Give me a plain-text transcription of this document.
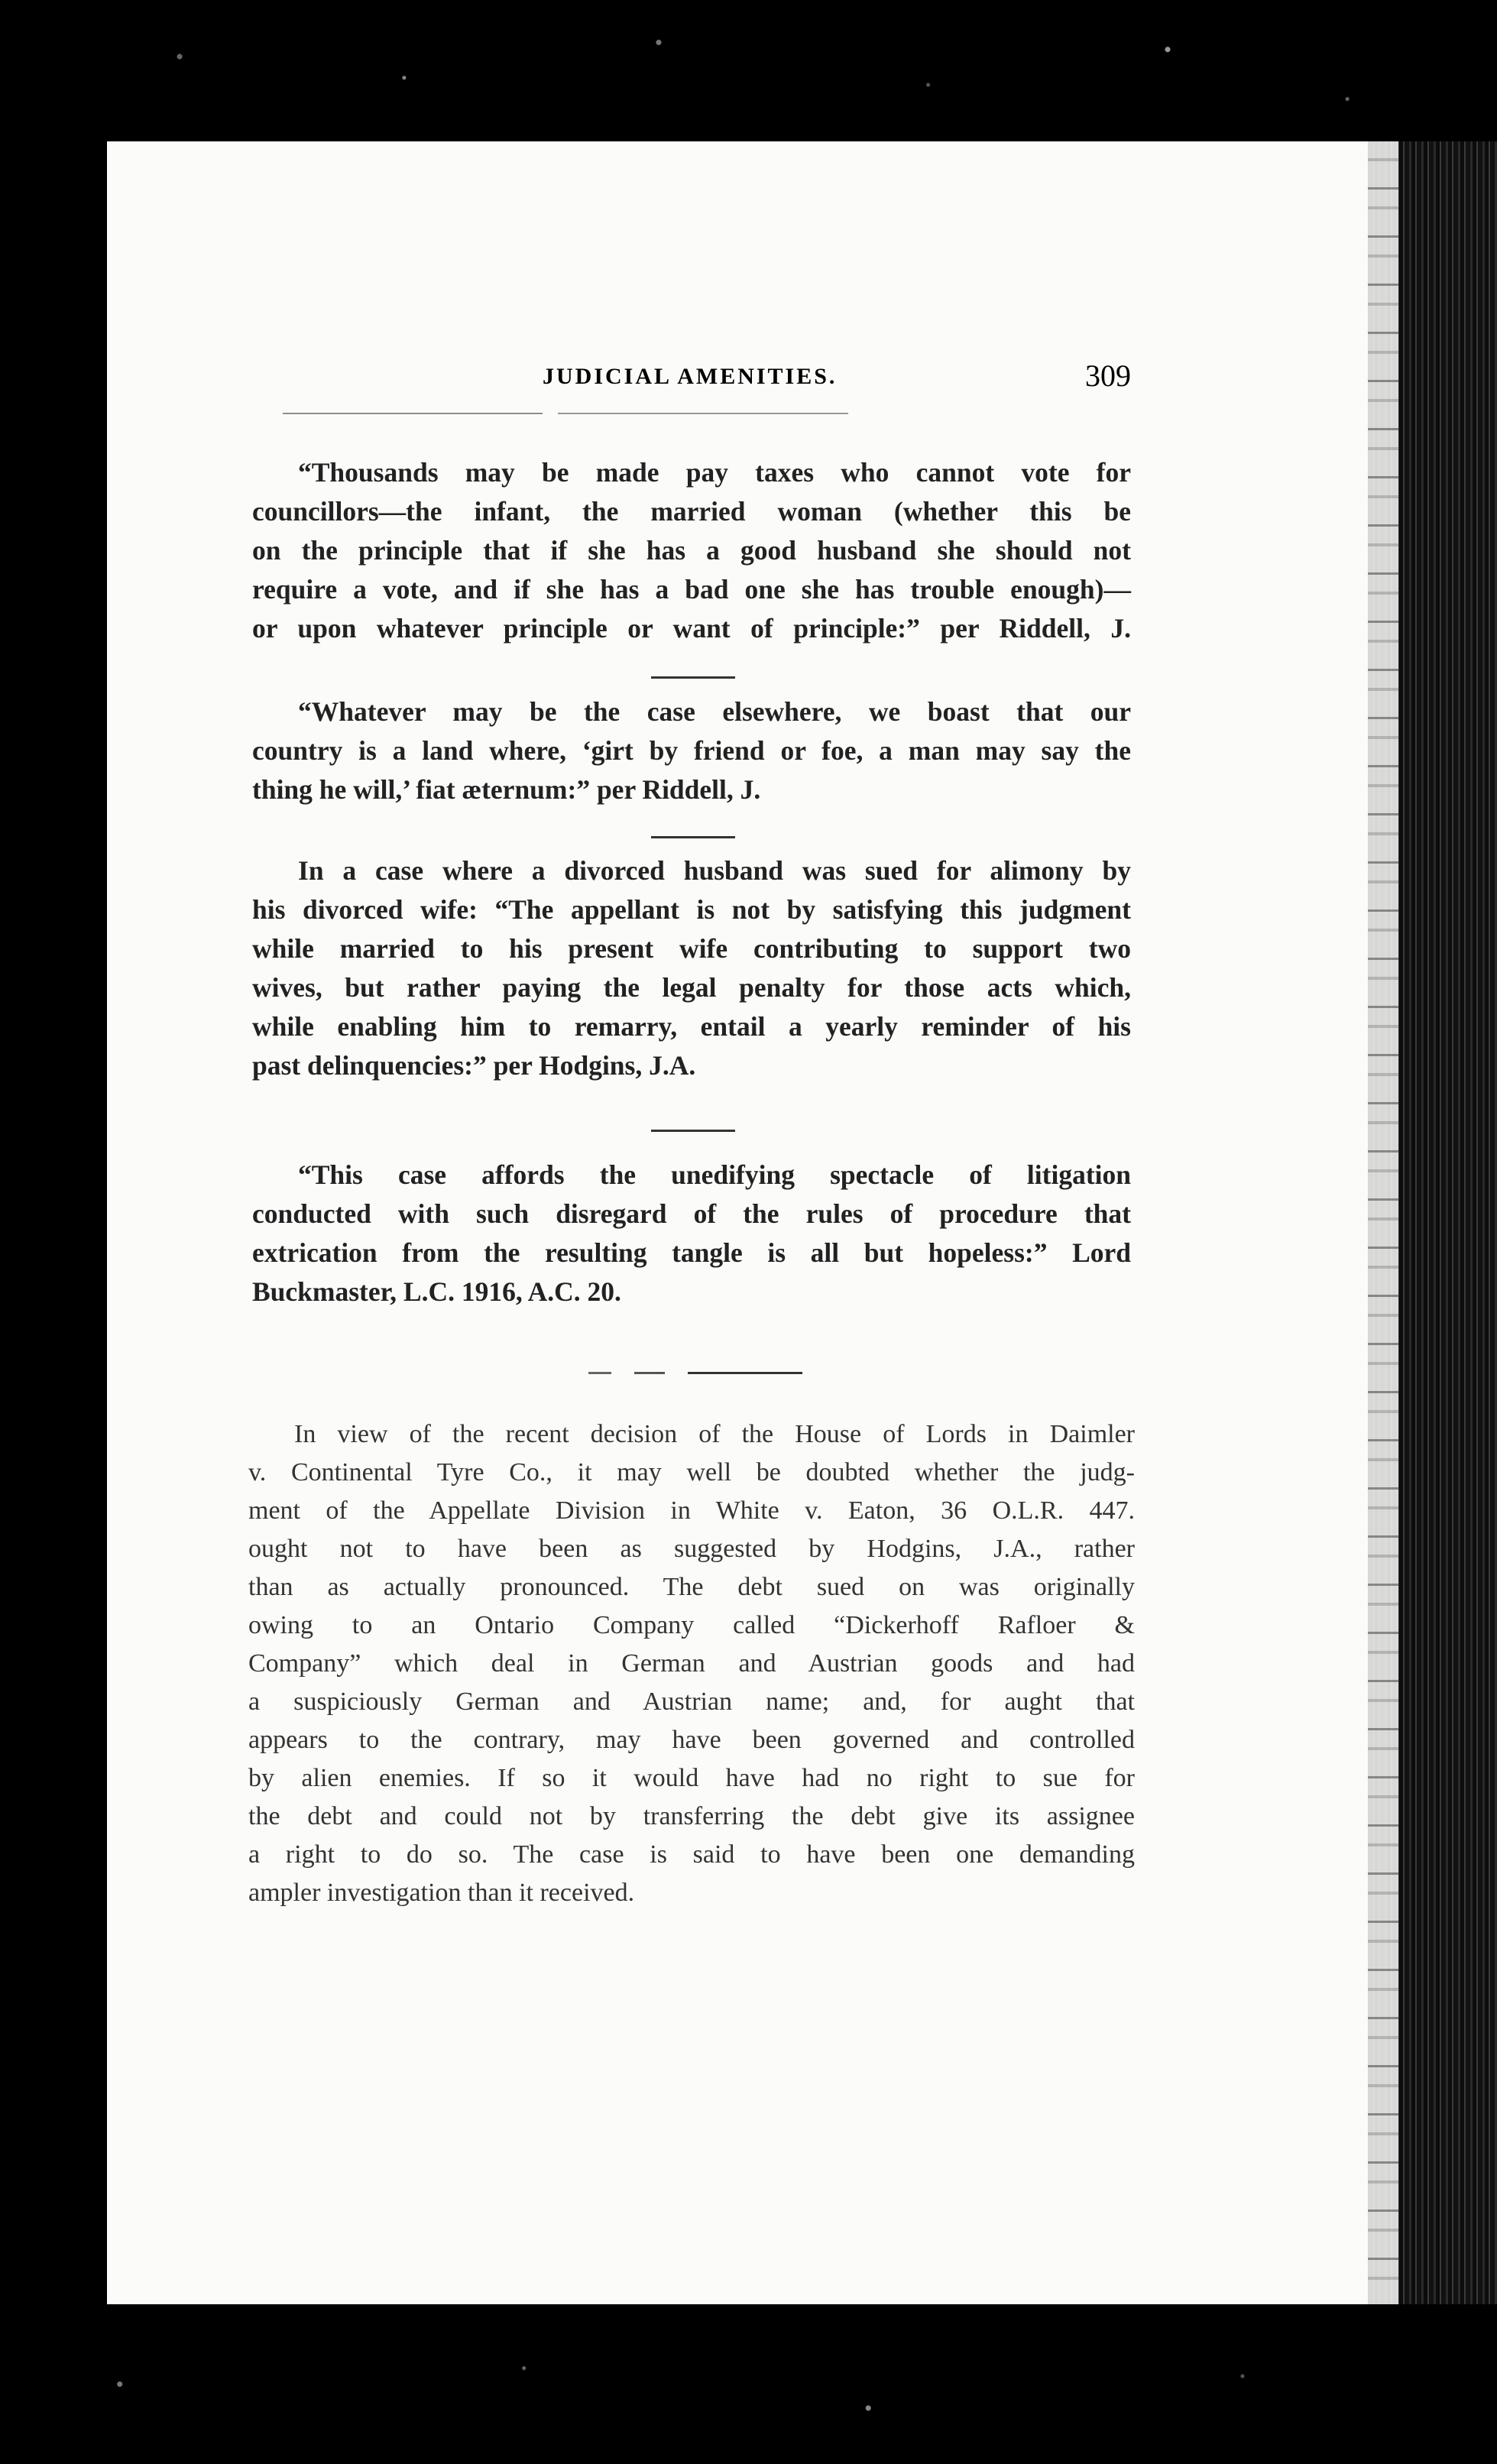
JUDICIAL AMENITIES.	309
“Thousands may be made pay taxes who cannot vote for
councillors—the infant, the married woman (whether this be
on the principle that if she has a good husband she should not
require a vote, and if she has a bad one she has trouble enough)—
or upon whatever principle or want of principle:” per Riddell, J.
“Whatever may be the case elsewhere, we boast that our
country is a land where, ‘girt by friend or foe, a man may say the
thing he will,’ fiat æternum:” per Riddell, J.
In a case where a divorced husband was sued for alimony by
his divorced wife: “The appellant is not by satisfying this judgment
while married to his present wife contributing to support two
wives, but rather paying the legal penalty for those acts which,
while enabling him to remarry, entail a yearly reminder of his
past delinquencies:” per Hodgins, J.A.
“This case affords the unedifying spectacle of litigation
conducted with such disregard of the rules of procedure that
extrication from the resulting tangle is all but hopeless:” Lord
Buckmaster, L.C. 1916, A.C. 20.
In view of the recent decision of the House of Lords in Daimler
v. Continental Tyre Co., it may well be doubted whether the judg-
ment of the Appellate Division in White v. Eaton, 36 O.L.R. 447.
ought not to have been as suggested by Hodgins, J.A., rather
than as actually pronounced. The debt sued on was originally
owing to an Ontario Company called “Dickerhoff Rafloer &
Company” which deal in German and Austrian goods and had
a suspiciously German and Austrian name; and, for aught that
appears to the contrary, may have been governed and controlled
by alien enemies. If so it would have had no right to sue for
the debt and could not by transferring the debt give its assignee
a right to do so. The case is said to have been one demanding
ampler investigation than it received.
